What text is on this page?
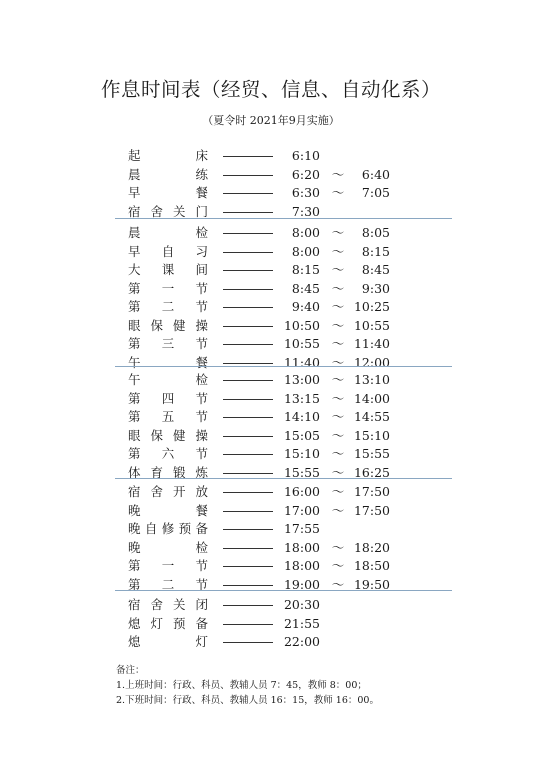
作息时间表（经贸、信息、自动化系）
（夏令时 2021年9月实施）
起	床	6:10
晨	练	6:20 ～	6:40
早	餐	6:30 ～	7:05
宿 舍 关 门	7:30
晨	检	8:00 ～	8:05
早 自 习	8:00 ～	8:15
大 课 间	8:15 ～	8:45
第 一 节	8:45 ～	9:30
第 二 节	9:40 ～ 10:25
眼 保 健 操	10:50 ～ 10:55
第 三 节	10:55 ～ 11:40
午	餐	11:40 ～ 12:00
午	检	13:00 ～ 13:10
第 四 节	13:15 ～ 14:00
第 五 节	14:10 ～ 14:55
眼 保 健 操	15:05 ～ 15:10
第 六 节	15:10 ～ 15:55
体 育 锻 炼	15:55 ～ 16:25
宿 舍 开 放	16:00 ～ 17:50
晚	餐	17:00 ～ 17:50
晚 自 修 预 备	17:55
晚	检	18:00 ～ 18:20
第 一 节	18:00 ～ 18:50
第 二 节	19:00 ～ 19:50
宿 舍 关 闭	20:30
熄 灯 预 备	21:55
熄	灯	22:00
备注：
1.上班时间：行政、科员、教辅人员 7：45，教师 8：00；
2.下班时间：行政、科员、教辅人员 16：15，教师 16：00。
